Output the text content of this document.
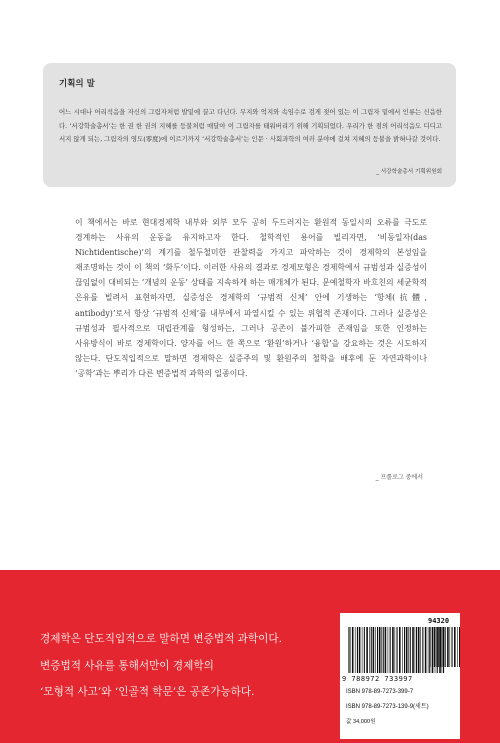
기획의 말
어느 시대나 어리석음을 자신의 그림자처럼 발밑에 끌고 다닌다. 무지와 억지와 속임수로 검게 젖어 있는 이 그림자 밑에서 인류는 신음한다. ‘서강학술총서’는 한 권 한 권의 지혜를 등불처럼 매달아 이 그림자를 태워버리기 위해 기획되었다. 우리가 한 점의 어리석음도 디디고 서지 않게 되는, 그림자의 영도(零度)에 이르기까지 ‘서강학술총서’는 인문 · 사회과학의 여러 분야에 걸쳐 지혜의 등불을 밝혀나갈 것이다.
_ 서강학술총서 기획위원회
이 책에서는 바로 현대경제학 내부와 외부 모두 공히 두드러지는 환원적 동일시의 오류를 극도로 경계하는 사유의 운동을 유지하고자 한다. 철학적인 용어를 빌리자면, ‘비동일자(das Nichtidentische)’의 계기를 철두철미한 관찰력을 가지고 파악하는 것이 경제학의 본성임을 재조명하는 것이 이 책의 ‘화두’이다. 이러한 사유의 결과로 경제모형은 경제학에서 규범성과 실증성이 끊임없이 대비되는 ‘개념의 운동’ 상태를 지속하게 하는 매개체가 된다. 문예철학자 바흐친의 세균학적 은유를 빌려서 표현하자면, 실증성은 경제학의 ‘규범적 신체’ 안에 기생하는 ‘항체(抗體, antibody)’로서 항상 ‘규범적 신체’를 내부에서 파열시킬 수 있는 위협적 존재이다. 그러나 실증성은 규범성과 필사적으로 대립관계를 형성하는, 그러나 공존이 불가피한 존재임을 또한 인정하는 사유방식이 바로 경제학이다. 양자를 어느 한 쪽으로 ‘환원’하거나 ‘융합’을 강요하는 것은 시도하지 않는다. 단도직입적으로 말하면 경제학은 실증주의 및 환원주의 철학을 배후에 둔 자연과학이나 ‘공학’과는 뿌리가 다른 변증법적 과학의 일종이다.
_ 프롤로그 중에서
경제학은 단도직입적으로 말하면 변증법적 과학이다.
변증법적 사유를 통해서만이 경제학의
‘모형적 사고’와 ‘인골적 학문’은 공존가능하다.
94320
9 788972 733997
ISBN 978-89-7273-399-7
ISBN 978-89-7273-139-9(세트)
값 34,000원
